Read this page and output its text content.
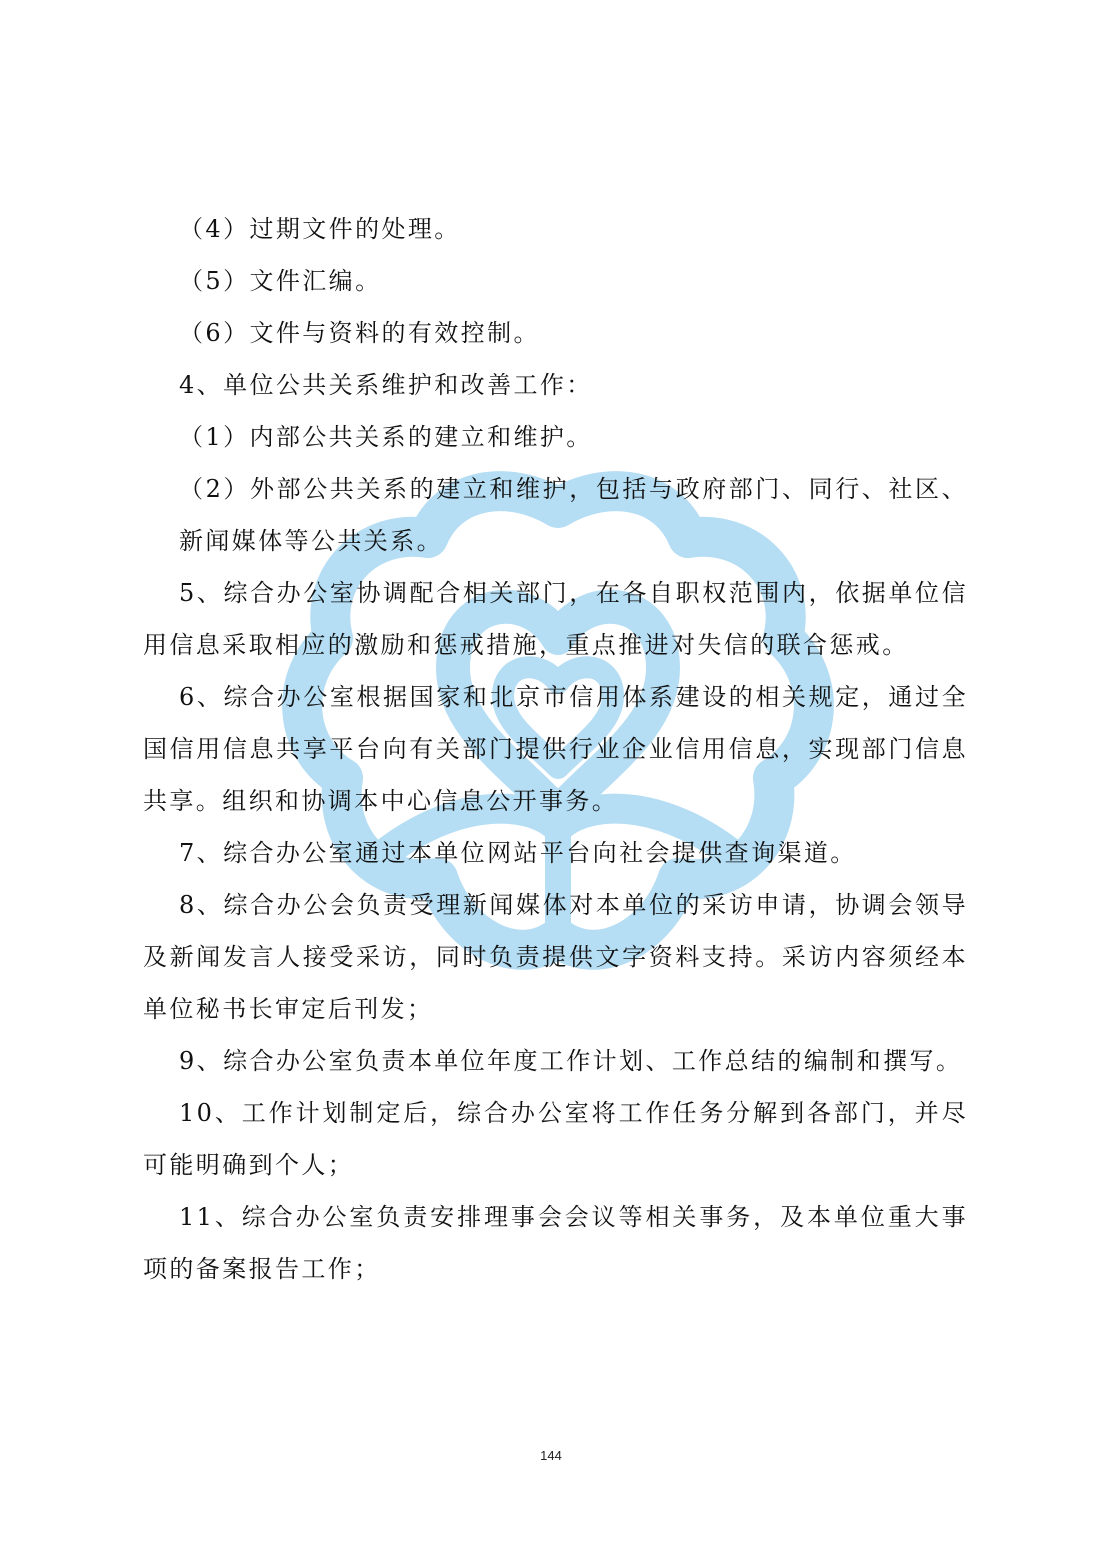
（4）过期文件的处理。

（5）文件汇编。

（6）文件与资料的有效控制。

4、单位公共关系维护和改善工作：

（1）内部公共关系的建立和维护。

（2）外部公共关系的建立和维护，包括与政府部门、同行、社区、新闻媒体等公共关系。

5、综合办公室协调配合相关部门，在各自职权范围内，依据单位信用信息采取相应的激励和惩戒措施，重点推进对失信的联合惩戒。

6、综合办公室根据国家和北京市信用体系建设的相关规定，通过全国信用信息共享平台向有关部门提供行业企业信用信息，实现部门信息共享。组织和协调本中心信息公开事务。

7、综合办公室通过本单位网站平台向社会提供查询渠道。

8、综合办公会负责受理新闻媒体对本单位的采访申请，协调会领导及新闻发言人接受采访，同时负责提供文字资料支持。采访内容须经本单位秘书长审定后刊发；

9、综合办公室负责本单位年度工作计划、工作总结的编制和撰写。

10、工作计划制定后，综合办公室将工作任务分解到各部门，并尽可能明确到个人；

11、综合办公室负责安排理事会会议等相关事务，及本单位重大事项的备案报告工作；

144
